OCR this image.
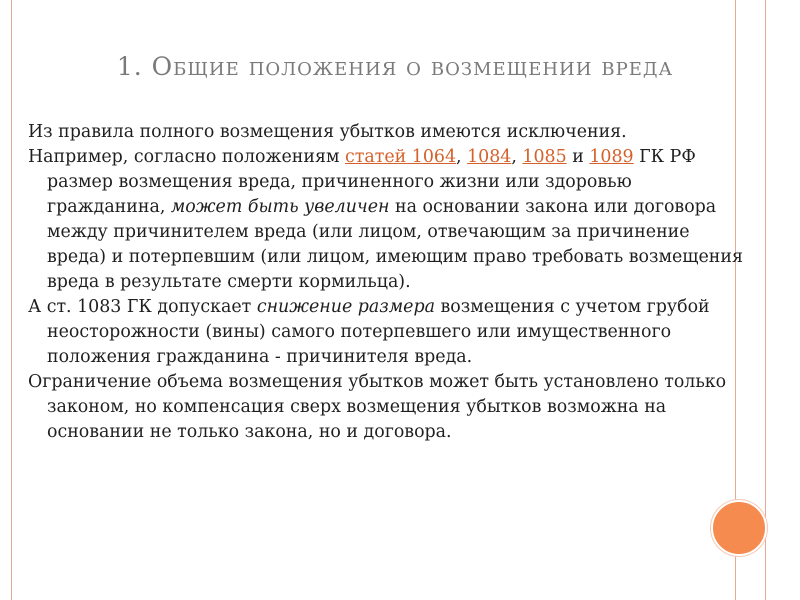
1. Общие положения о возмещении вреда

Из правила полного возмещения убытков имеются исключения.

Например, согласно положениям статей 1064, 1084, 1085 и 1089 ГК РФ размер возмещения вреда, причиненного жизни или здоровью гражданина, может быть увеличен на основании закона или договора между причинителем вреда (или лицом, отвечающим за причинение вреда) и потерпевшим (или лицом, имеющим право требовать возмещения вреда в результате смерти кормильца).

А ст. 1083 ГК допускает снижение размера возмещения с учетом грубой неосторожности (вины) самого потерпевшего или имущественного положения гражданина - причинителя вреда.

Ограничение объема возмещения убытков может быть установлено только законом, но компенсация сверх возмещения убытков возможна на основании не только закона, но и договора.
